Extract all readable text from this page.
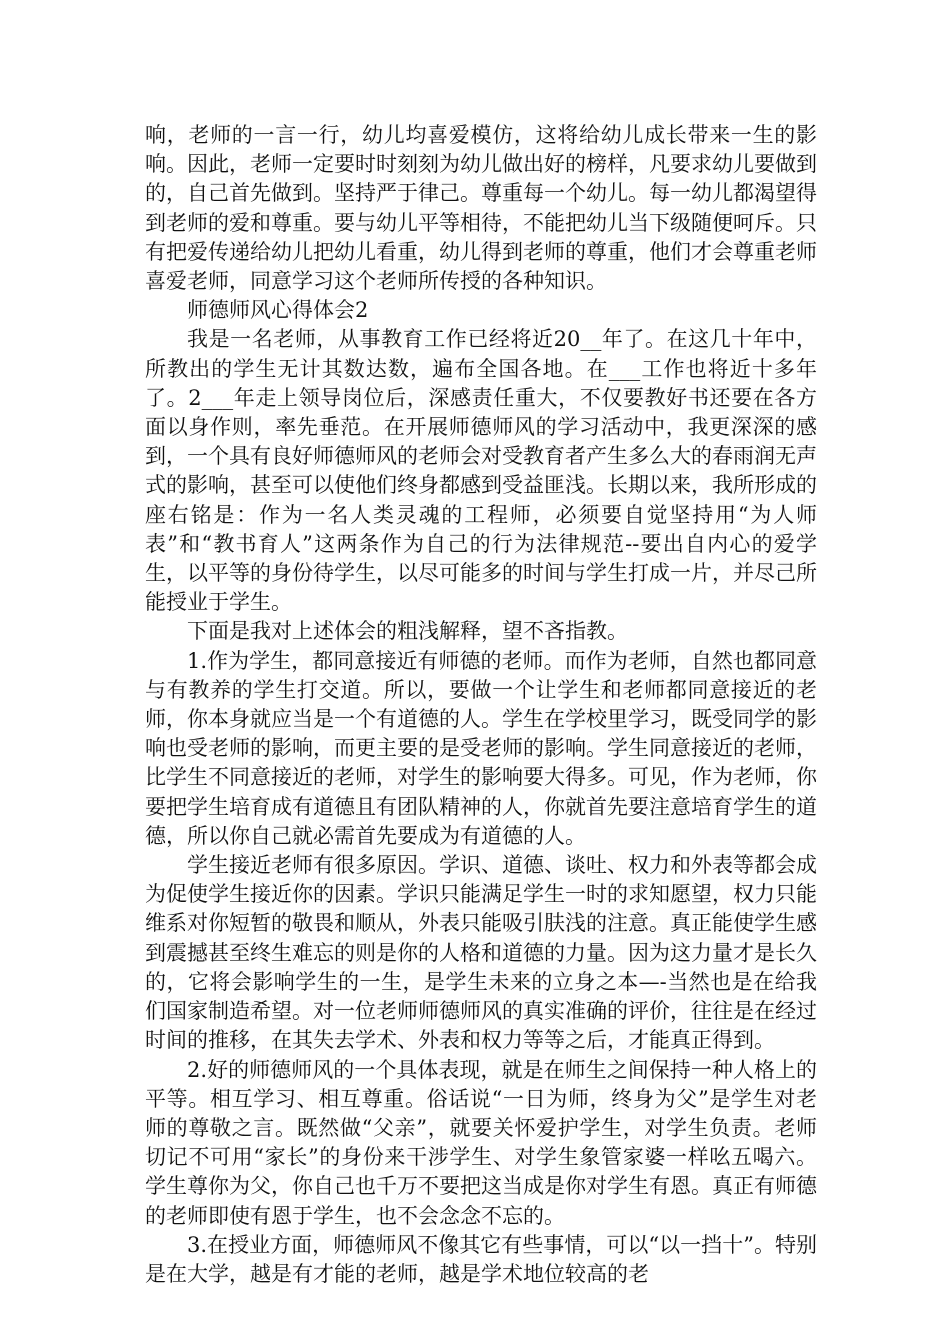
响，老师的一言一行，幼儿均喜爱模仿，这将给幼儿成长带来一生的影响。因此，老师一定要时时刻刻为幼儿做出好的榜样，凡要求幼儿要做到的，自己首先做到。坚持严于律己。尊重每一个幼儿。每一幼儿都渴望得到老师的爱和尊重。要与幼儿平等相待，不能把幼儿当下级随便呵斥。只有把爱传递给幼儿把幼儿看重，幼儿得到老师的尊重，他们才会尊重老师喜爱老师，同意学习这个老师所传授的各种知识。

师德师风心得体会2

我是一名老师，从事教育工作已经将近20__年了。在这几十年中，所教出的学生无计其数达数，遍布全国各地。在___工作也将近十多年了。2___年走上领导岗位后，深感责任重大，不仅要教好书还要在各方面以身作则，率先垂范。在开展师德师风的学习活动中，我更深深的感到，一个具有良好师德师风的老师会对受教育者产生多么大的春雨润无声式的影响，甚至可以使他们终身都感到受益匪浅。长期以来，我所形成的座右铭是：作为一名人类灵魂的工程师，必须要自觉坚持用“为人师表”和“教书育人”这两条作为自己的行为法律规范--要出自内心的爱学生，以平等的身份待学生，以尽可能多的时间与学生打成一片，并尽己所能授业于学生。

下面是我对上述体会的粗浅解释，望不吝指教。

1.作为学生，都同意接近有师德的老师。而作为老师，自然也都同意与有教养的学生打交道。所以，要做一个让学生和老师都同意接近的老师，你本身就应当是一个有道德的人。学生在学校里学习，既受同学的影响也受老师的影响，而更主要的是受老师的影响。学生同意接近的老师，比学生不同意接近的老师，对学生的影响要大得多。可见，作为老师，你要把学生培育成有道德且有团队精神的人，你就首先要注意培育学生的道德，所以你自己就必需首先要成为有道德的人。

学生接近老师有很多原因。学识、道德、谈吐、权力和外表等都会成为促使学生接近你的因素。学识只能满足学生一时的求知愿望，权力只能维系对你短暂的敬畏和顺从，外表只能吸引肤浅的注意。真正能使学生感到震撼甚至终生难忘的则是你的人格和道德的力量。因为这力量才是长久的，它将会影响学生的一生，是学生未来的立身之本—-当然也是在给我们国家制造希望。对一位老师师德师风的真实准确的评价，往往是在经过时间的推移，在其失去学术、外表和权力等等之后，才能真正得到。

2.好的师德师风的一个具体表现，就是在师生之间保持一种人格上的平等。相互学习、相互尊重。俗话说“一日为师，终身为父”是学生对老师的尊敬之言。既然做“父亲”，就要关怀爱护学生，对学生负责。老师切记不可用“家长”的身份来干涉学生、对学生象管家婆一样吆五喝六。学生尊你为父，你自己也千万不要把这当成是你对学生有恩。真正有师德的老师即使有恩于学生，也不会念念不忘的。

3.在授业方面，师德师风不像其它有些事情，可以“以一挡十”。特别是在大学，越是有才能的老师，越是学术地位较高的老
